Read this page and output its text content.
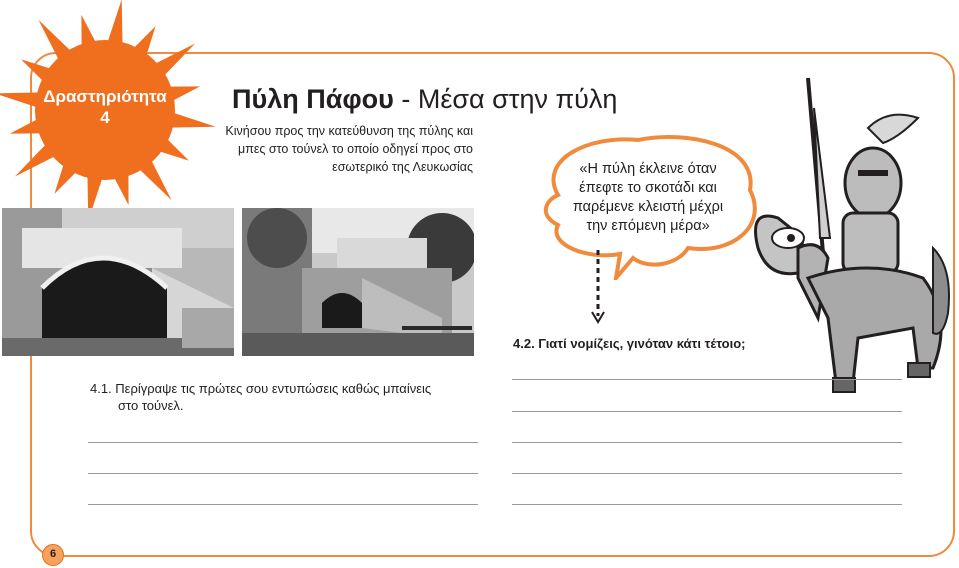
Δραστηριότητα
4
Πύλη Πάφου - Μέσα στην πύλη
Κινήσου προς την κατεύθυνση της πύλης και
μπες στο τούνελ το οποίο οδηγεί προς στο
εσωτερικό της Λευκωσίας	«Η πύλη έκλεινε όταν
έπεφτε το σκοτάδι και
παρέμενε κλειστή μέχρι
την επόμενη μέρα»
4.2. Γιατί νομίζεις, γινόταν κάτι τέτοιο;
4.1. Περίγραψε τις πρώτες σου εντυπώσεις καθώς μπαίνεις
στο τούνελ.
6
